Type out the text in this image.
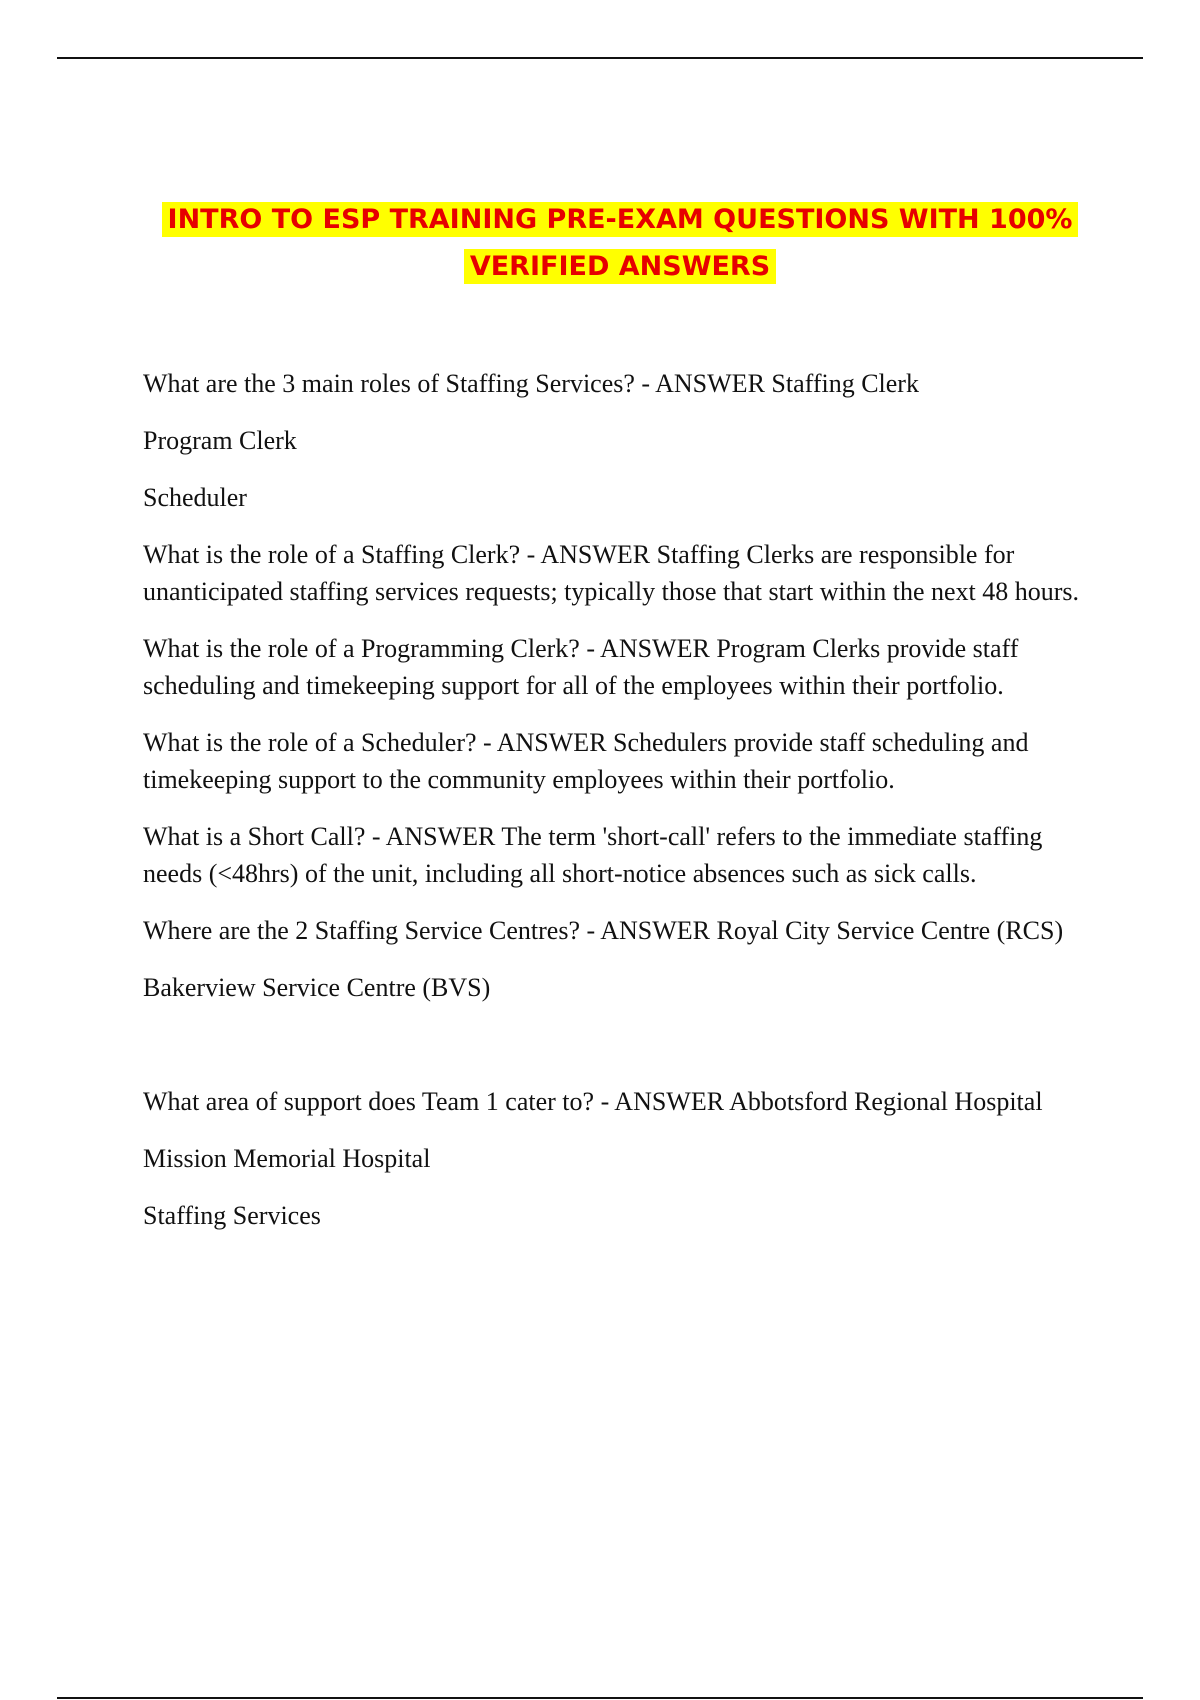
INTRO TO ESP TRAINING PRE-EXAM QUESTIONS WITH 100%
VERIFIED ANSWERS

What are the 3 main roles of Staffing Services? - ANSWER Staffing Clerk

Program Clerk

Scheduler

What is the role of a Staffing Clerk? - ANSWER Staffing Clerks are responsible for unanticipated staffing services requests; typically those that start within the next 48 hours.

What is the role of a Programming Clerk? - ANSWER Program Clerks provide staff scheduling and timekeeping support for all of the employees within their portfolio.

What is the role of a Scheduler? - ANSWER Schedulers provide staff scheduling and timekeeping support to the community employees within their portfolio.

What is a Short Call? - ANSWER The term 'short-call' refers to the immediate staffing needs (<48hrs) of the unit, including all short-notice absences such as sick calls.

Where are the 2 Staffing Service Centres? - ANSWER Royal City Service Centre (RCS)

Bakerview Service Centre (BVS)

What area of support does Team 1 cater to? - ANSWER Abbotsford Regional Hospital

Mission Memorial Hospital

Staffing Services
